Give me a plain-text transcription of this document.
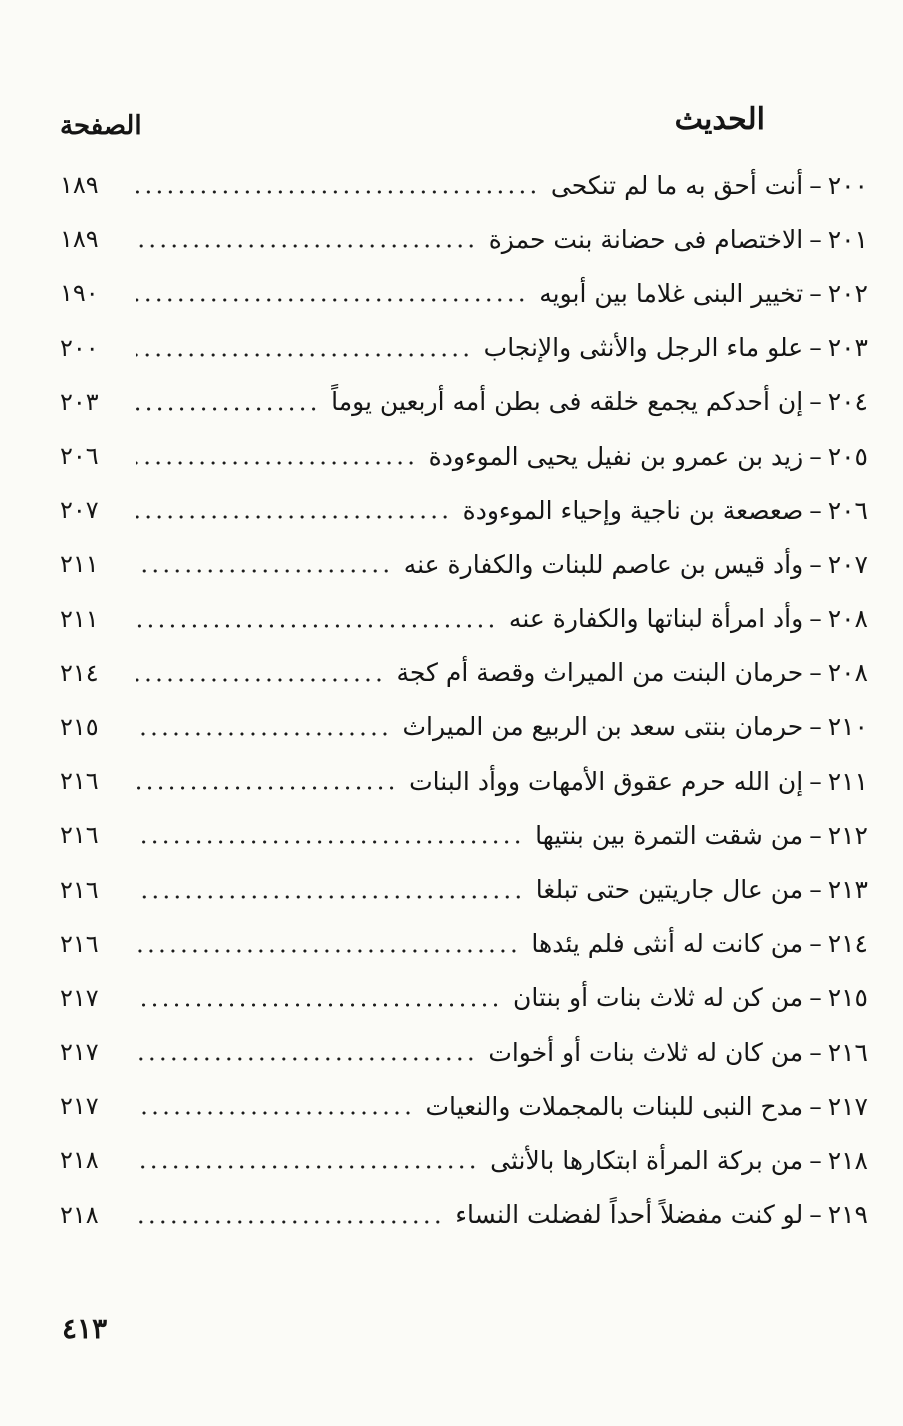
الحديث
الصفحة
٢٠٠
–
أنت أحق به ما لم تنكحى
١٨٩
٢٠١
–
الاختصام فى حضانة بنت حمزة
١٨٩
٢٠٢
–
تخيير البنى غلاما بين أبويه
١٩٠
٢٠٣
–
علو ماء الرجل والأنثى والإنجاب
٢٠٠
٢٠٤
–
إن أحدكم يجمع خلقه فى بطن أمه أربعين يوماً
٢٠٣
٢٠٥
–
زيد بن عمرو بن نفيل يحيى الموءودة
٢٠٦
٢٠٦
–
صعصعة بن ناجية وإحياء الموءودة
٢٠٧
٢٠٧
–
وأد قيس بن عاصم للبنات والكفارة عنه
٢١١
٢٠٨
–
وأد امرأة لبناتها والكفارة عنه
٢١١
٢٠٨
–
حرمان البنت من الميراث وقصة أم كجة
٢١٤
٢١٠
–
حرمان بنتى سعد بن الربيع من الميراث
٢١٥
٢١١
–
إن الله حرم عقوق الأمهات ووأد البنات
٢١٦
٢١٢
–
من شقت التمرة بين بنتيها
٢١٦
٢١٣
–
من عال جاريتين حتى تبلغا
٢١٦
٢١٤
–
من كانت له أنثى فلم يئدها
٢١٦
٢١٥
–
من كن له ثلاث بنات أو بنتان
٢١٧
٢١٦
–
من كان له ثلاث بنات أو أخوات
٢١٧
٢١٧
–
مدح النبى للبنات بالمجملات والنعيات
٢١٧
٢١٨
–
من بركة المرأة ابتكارها بالأنثى
٢١٨
٢١٩
–
لو كنت مفضلاً أحداً لفضلت النساء
٢١٨
٤١٣
